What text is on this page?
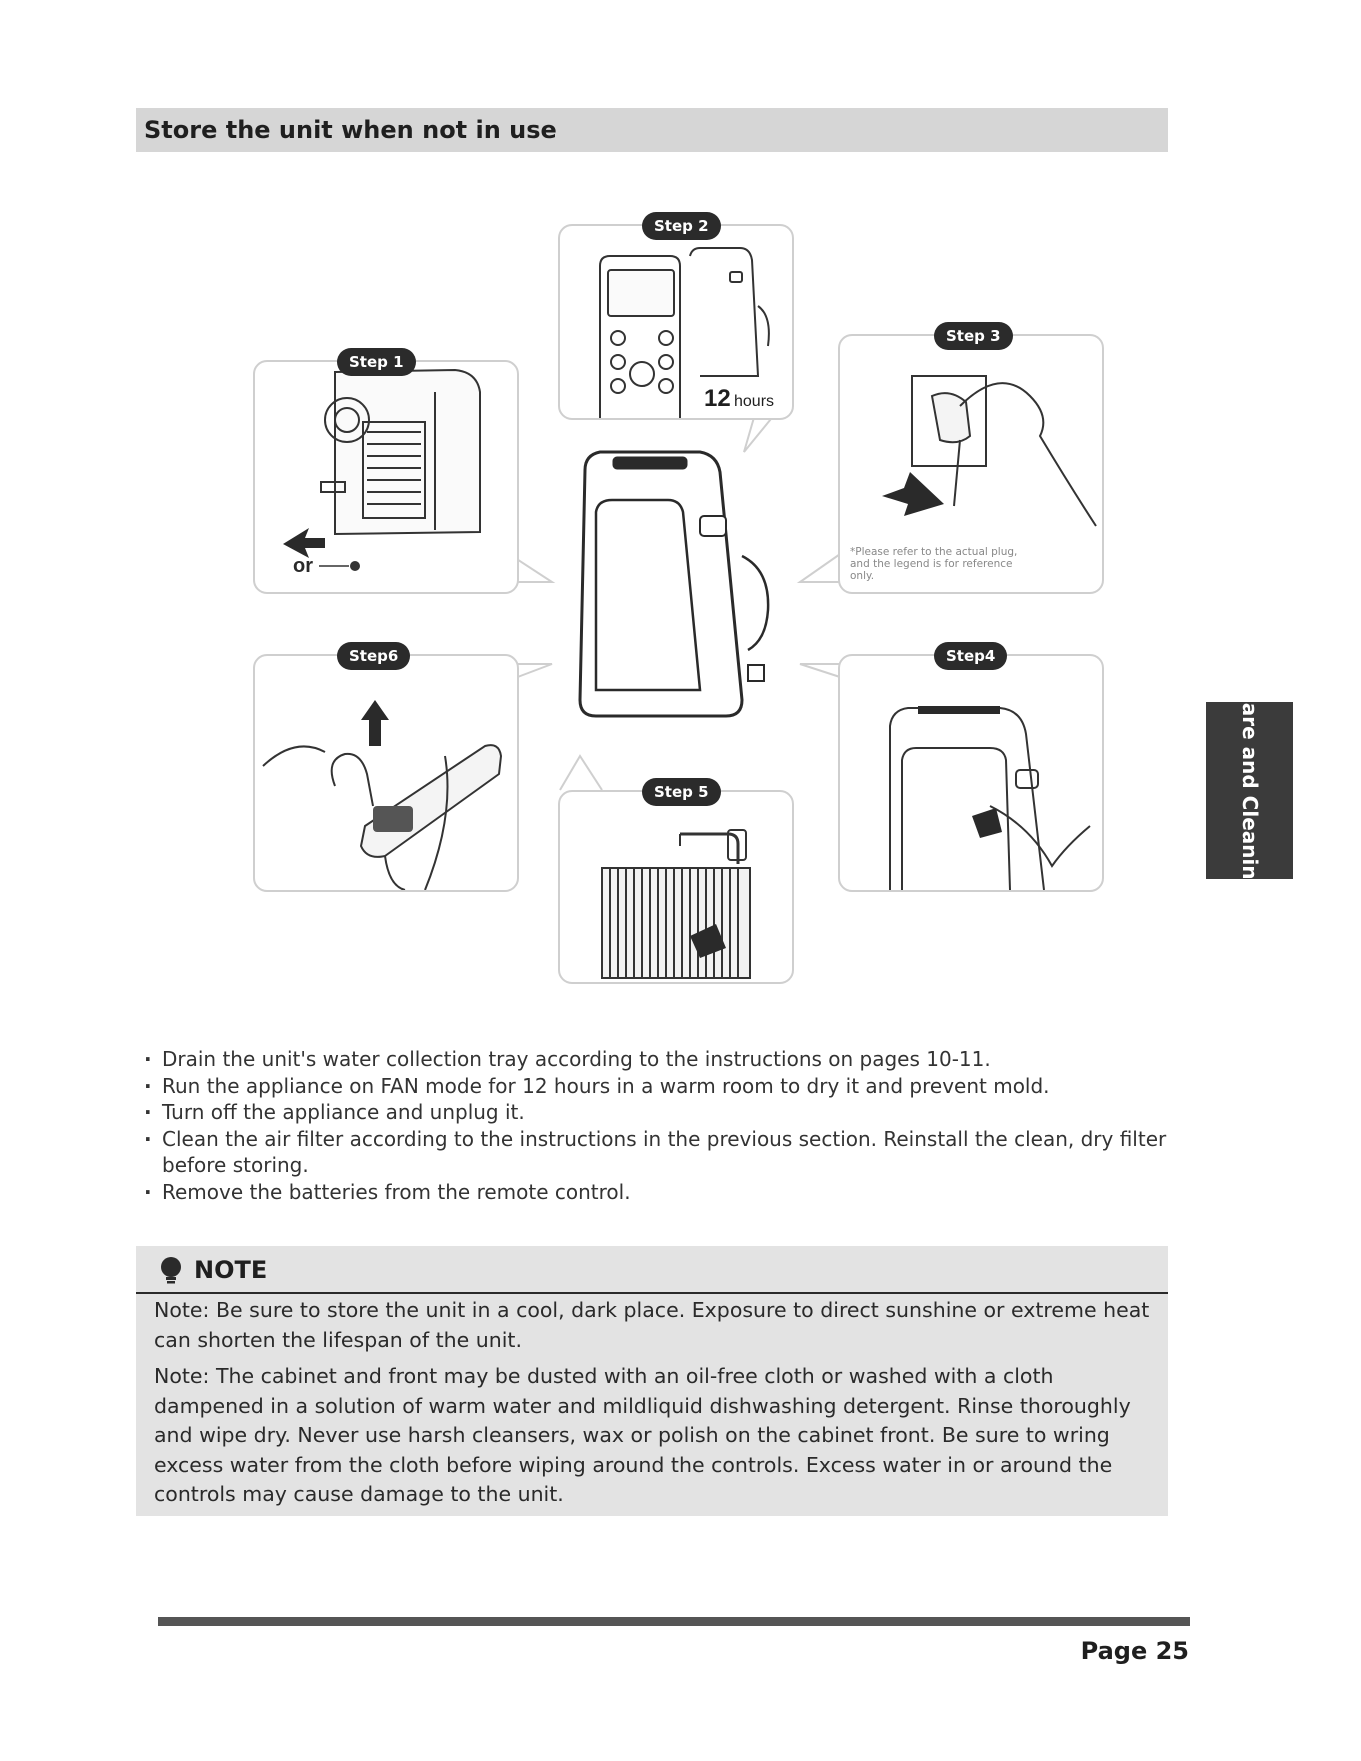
Store the unit when not in use
or
Step 1
12 hours
Step 2
*Please refer to the actual plug, and the legend is for reference only.
Step 3
Step4
Step 5
Step6
Care and Cleaning
· Drain the unit's water collection tray according to the instructions on pages 10-11.
· Run the appliance on FAN mode for 12 hours in a warm room to dry it and prevent mold.
· Turn off the appliance and unplug it.
· Clean the air filter according to the instructions in the previous section. Reinstall the clean, dry filter before storing.
· Remove the batteries from the remote control.
NOTE

Note: Be sure to store the unit in a cool, dark place. Exposure to direct sunshine or extreme heat can shorten the lifespan of the unit.

Note: The cabinet and front may be dusted with an oil-free cloth or washed with a cloth dampened in a solution of warm water and mildliquid dishwashing detergent. Rinse thoroughly and wipe dry. Never use harsh cleansers, wax or polish on the cabinet front. Be sure to wring excess water from the cloth before wiping around the controls. Excess water in or around the controls may cause damage to the unit.

Page 25
